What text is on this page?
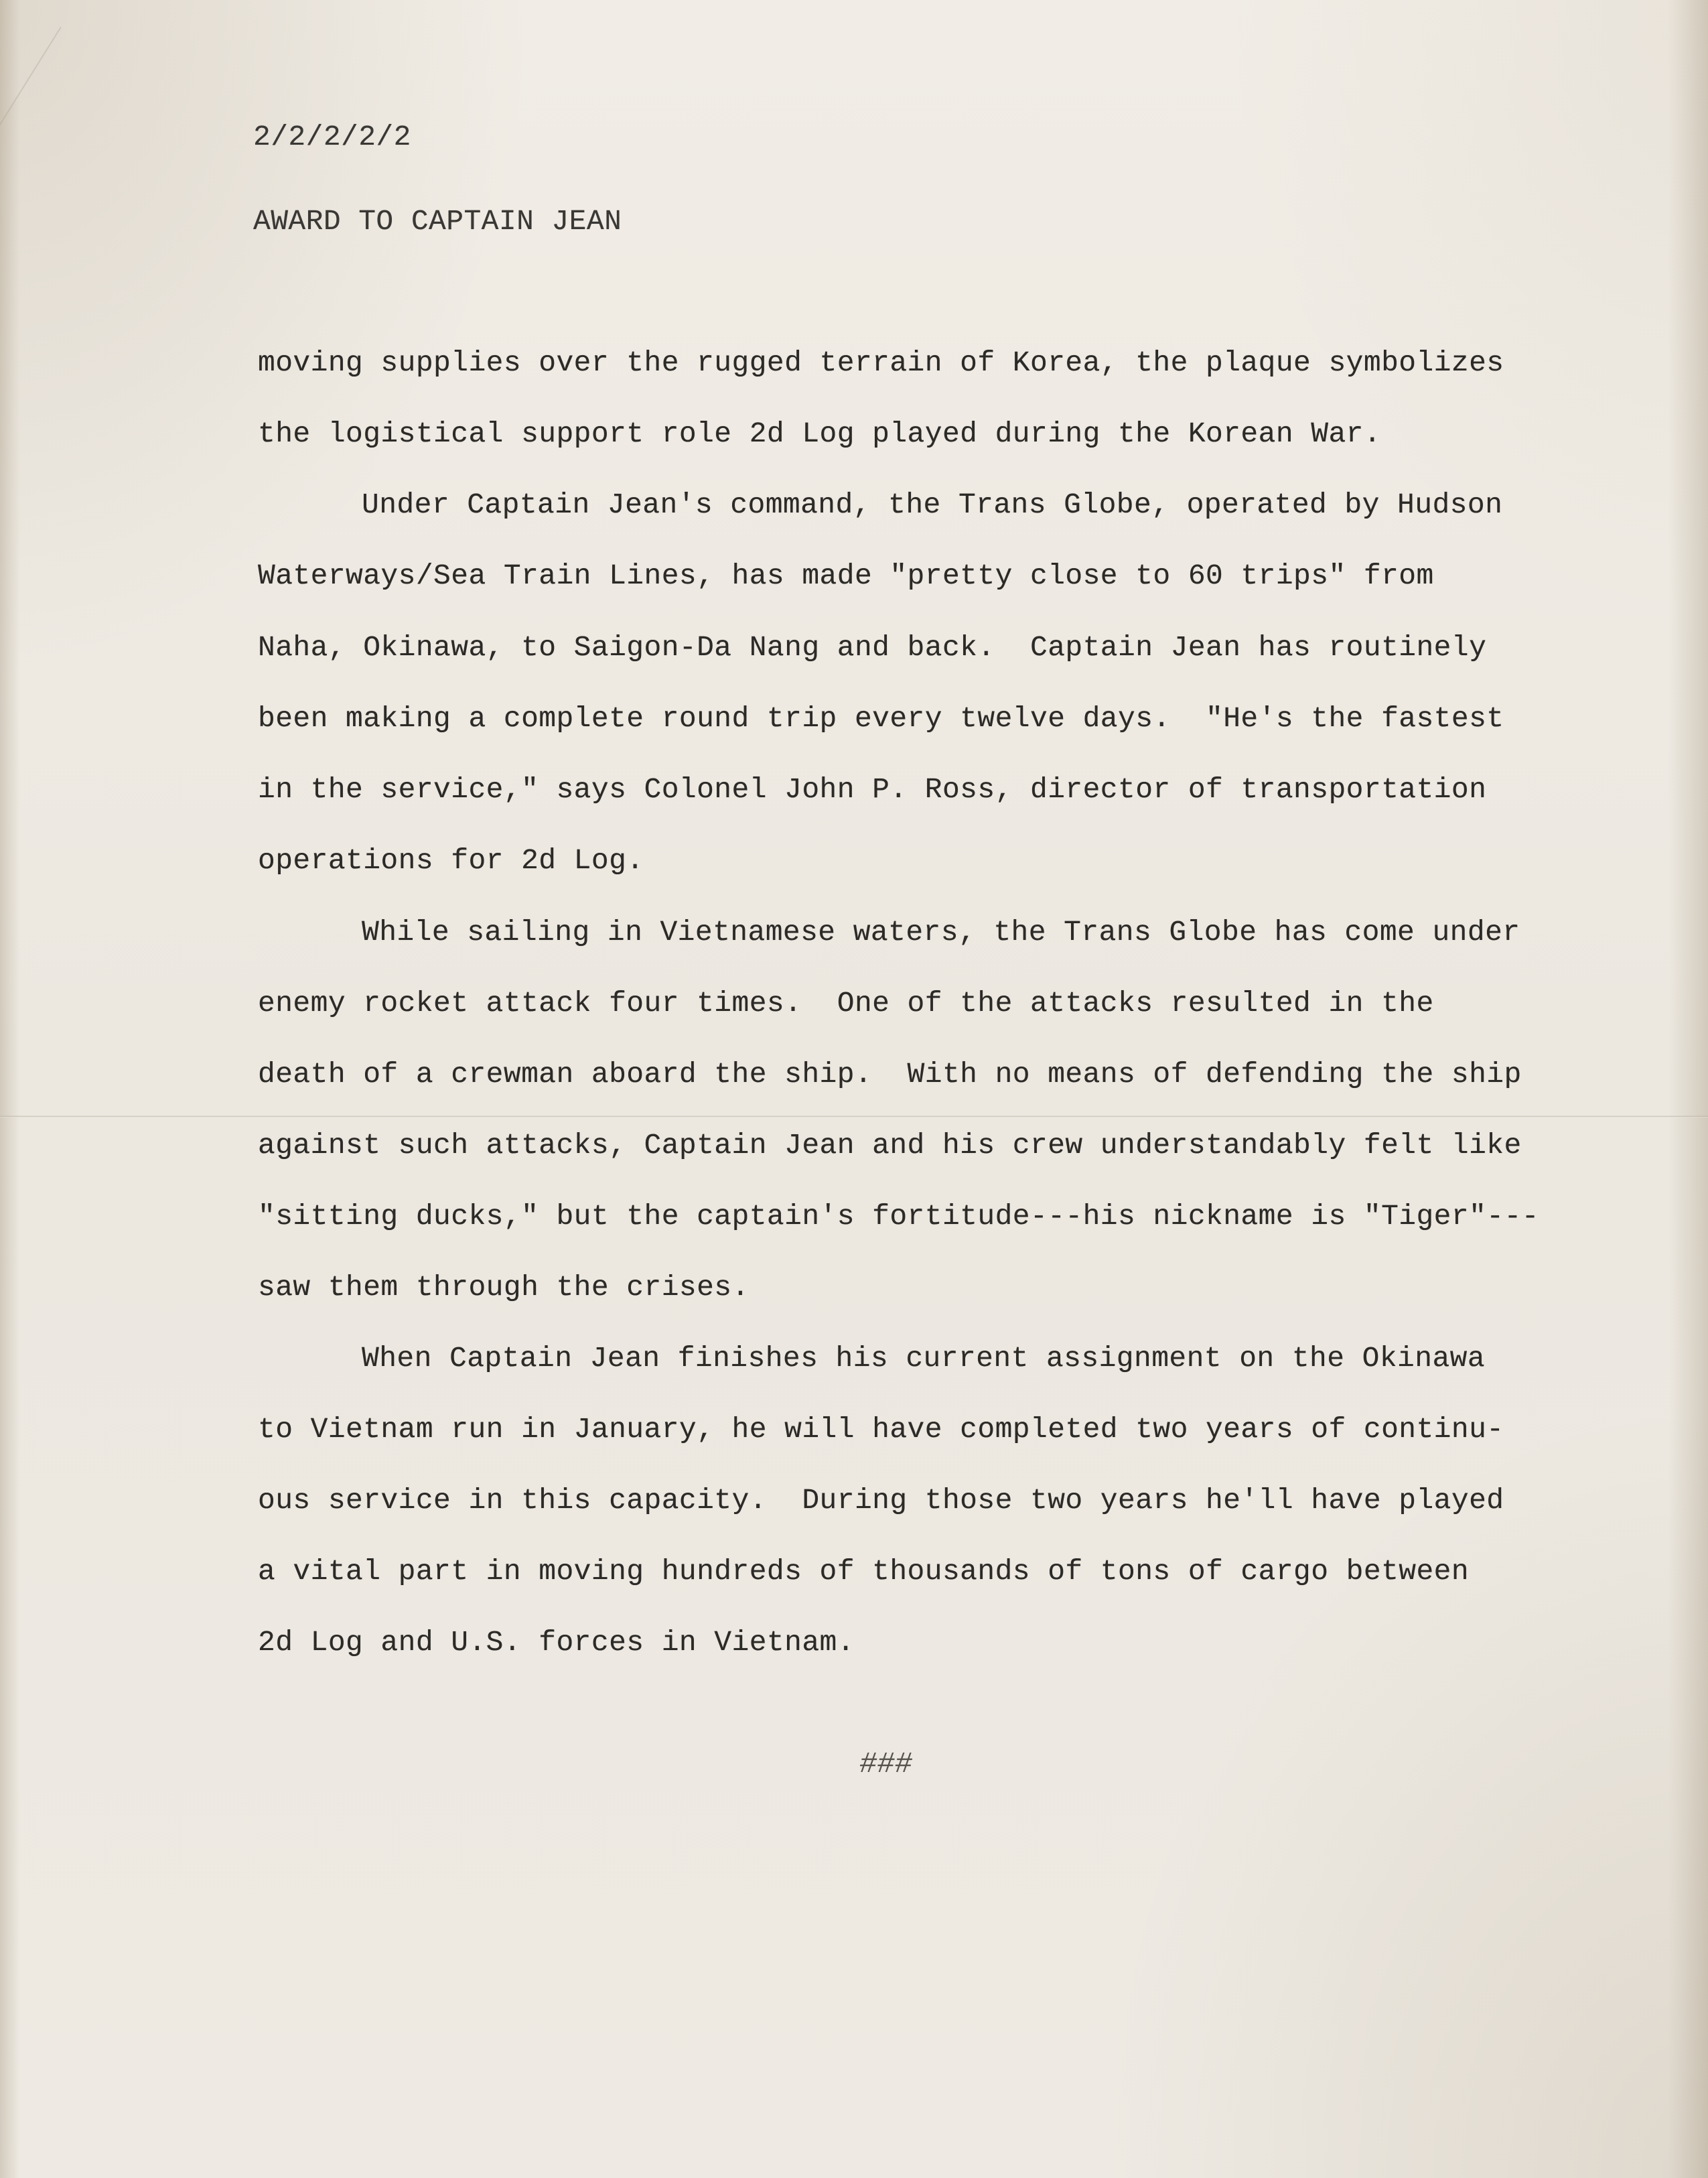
2/2/2/2/2
AWARD TO CAPTAIN JEAN
moving supplies over the rugged terrain of Korea, the plaque symbolizes
the logistical support role 2d Log played during the Korean War.
Under Captain Jean's command, the Trans Globe, operated by Hudson
Waterways/Sea Train Lines, has made "pretty close to 60 trips" from
Naha, Okinawa, to Saigon-Da Nang and back.  Captain Jean has routinely
been making a complete round trip every twelve days.  "He's the fastest
in the service," says Colonel John P. Ross, director of transportation
operations for 2d Log.
While sailing in Vietnamese waters, the Trans Globe has come under
enemy rocket attack four times.  One of the attacks resulted in the
death of a crewman aboard the ship.  With no means of defending the ship
against such attacks, Captain Jean and his crew understandably felt like
"sitting ducks," but the captain's fortitude---his nickname is "Tiger"---
saw them through the crises.
When Captain Jean finishes his current assignment on the Okinawa
to Vietnam run in January, he will have completed two years of continu-
ous service in this capacity.  During those two years he'll have played
a vital part in moving hundreds of thousands of tons of cargo between
2d Log and U.S. forces in Vietnam.
###
